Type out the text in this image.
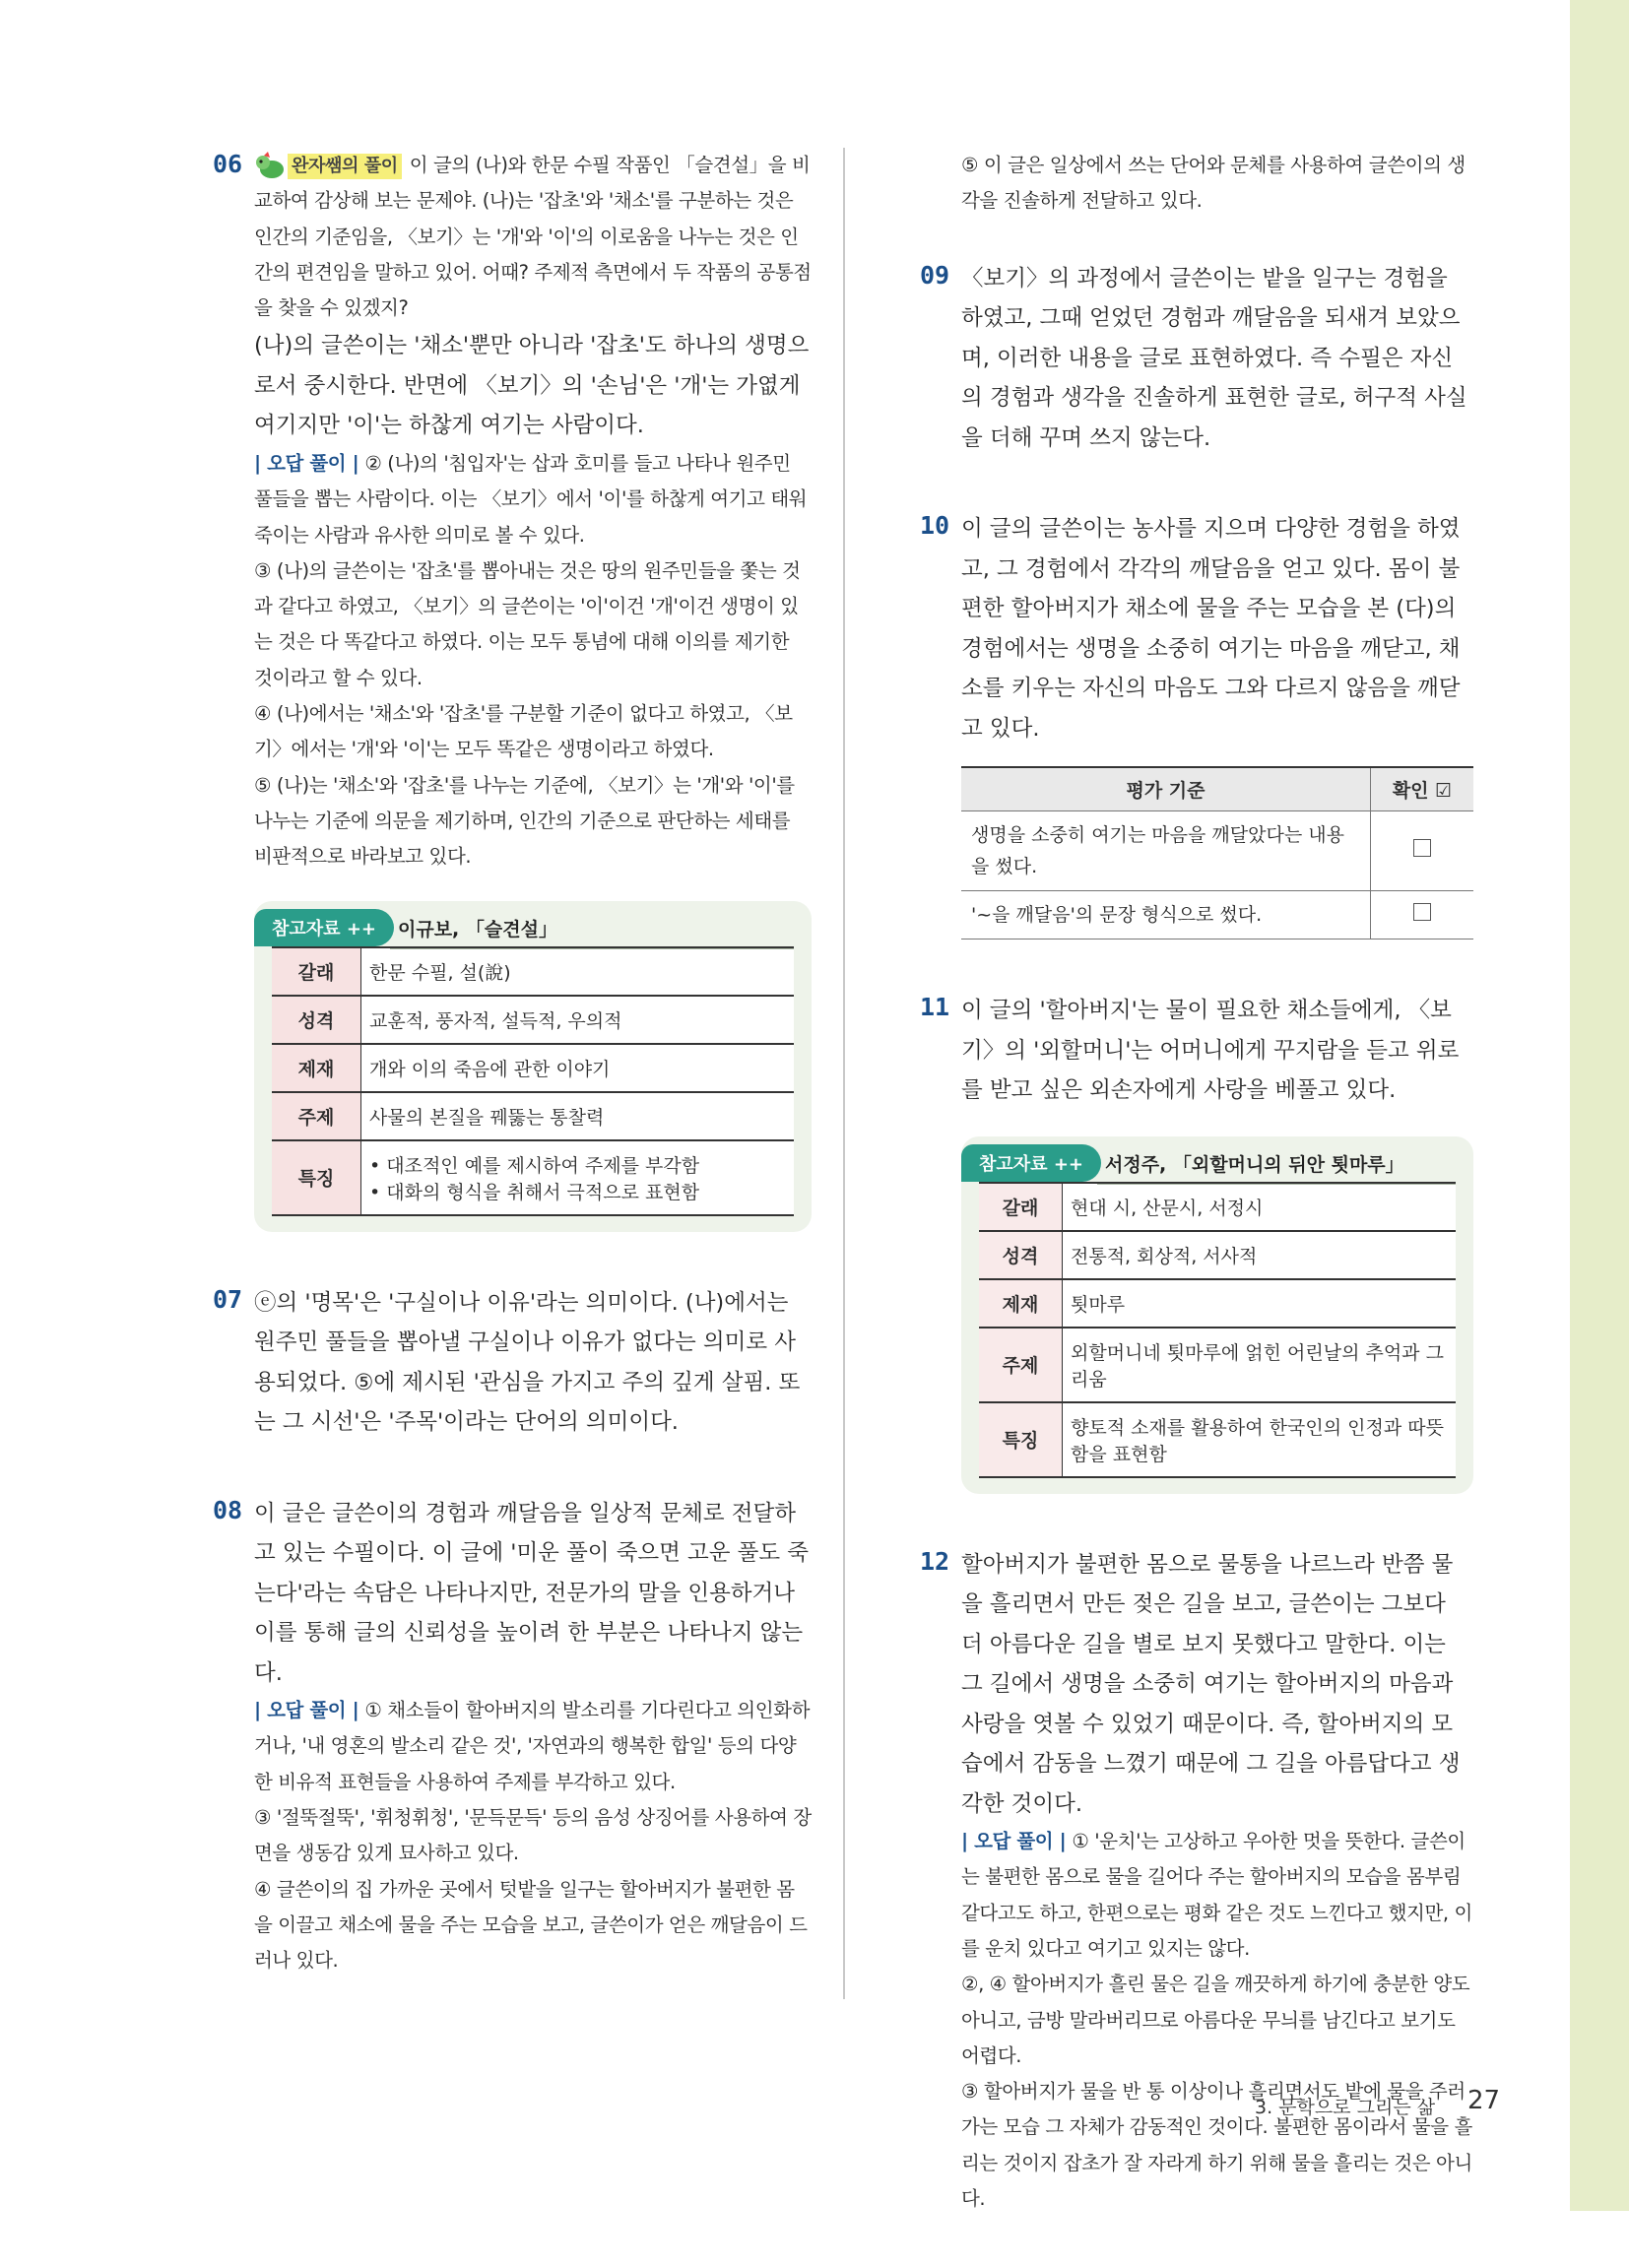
06	완자쌤의 풀이 이 글의 (나)와 한문 수필 작품인 「슬견설」을 비교하여 감상해 보는 문제야. (나)는 '잡초'와 '채소'를 구분하는 것은 인간의 기준임을, 〈보기〉는 '개'와 '이'의 이로움을 나누는 것은 인간의 편견임을 말하고 있어. 어때? 주제적 측면에서 두 작품의 공통점을 찾을 수 있겠지?

(나)의 글쓴이는 '채소'뿐만 아니라 '잡초'도 하나의 생명으로서 중시한다. 반면에 〈보기〉의 '손님'은 '개'는 가엾게 여기지만 '이'는 하찮게 여기는 사람이다.

| 오답 풀이 | ② (나)의 '침입자'는 삽과 호미를 들고 나타나 원주민 풀들을 뽑는 사람이다. 이는 〈보기〉에서 '이'를 하찮게 여기고 태워 죽이는 사람과 유사한 의미로 볼 수 있다.

③ (나)의 글쓴이는 '잡초'를 뽑아내는 것은 땅의 원주민들을 쫓는 것과 같다고 하였고, 〈보기〉의 글쓴이는 '이'이건 '개'이건 생명이 있는 것은 다 똑같다고 하였다. 이는 모두 통념에 대해 이의를 제기한 것이라고 할 수 있다.

④ (나)에서는 '채소'와 '잡초'를 구분할 기준이 없다고 하였고, 〈보기〉에서는 '개'와 '이'는 모두 똑같은 생명이라고 하였다.

⑤ (나)는 '채소'와 '잡초'를 나누는 기준에, 〈보기〉는 '개'와 '이'를 나누는 기준에 의문을 제기하며, 인간의 기준으로 판단하는 세태를 비판적으로 바라보고 있다.

참고자료 ++	이규보, 「슬견설」
갈래	한문 수필, 설(說)
성격	교훈적, 풍자적, 설득적, 우의적
제재	개와 이의 죽음에 관한 이야기
주제	사물의 본질을 꿰뚫는 통찰력
특징	• 대조적인 예를 제시하여 주제를 부각함
• 대화의 형식을 취해서 극적으로 표현함
07 ⓔ의 '명목'은 '구실이나 이유'라는 의미이다. (나)에서는 원주민 풀들을 뽑아낼 구실이나 이유가 없다는 의미로 사용되었다. ⑤에 제시된 '관심을 가지고 주의 깊게 살핌. 또는 그 시선'은 '주목'이라는 단어의 의미이다.

08 이 글은 글쓴이의 경험과 깨달음을 일상적 문체로 전달하고 있는 수필이다. 이 글에 '미운 풀이 죽으면 고운 풀도 죽는다'라는 속담은 나타나지만, 전문가의 말을 인용하거나 이를 통해 글의 신뢰성을 높이려 한 부분은 나타나지 않는다.

| 오답 풀이 | ① 채소들이 할아버지의 발소리를 기다린다고 의인화하거나, '내 영혼의 발소리 같은 것', '자연과의 행복한 합일' 등의 다양한 비유적 표현들을 사용하여 주제를 부각하고 있다.

③ '절뚝절뚝', '휘청휘청', '문득문득' 등의 음성 상징어를 사용하여 장면을 생동감 있게 묘사하고 있다.

④ 글쓴이의 집 가까운 곳에서 텃밭을 일구는 할아버지가 불편한 몸을 이끌고 채소에 물을 주는 모습을 보고, 글쓴이가 얻은 깨달음이 드러나 있다.

⑤ 이 글은 일상에서 쓰는 단어와 문체를 사용하여 글쓴이의 생각을 진솔하게 전달하고 있다.

09 〈보기〉의 과정에서 글쓴이는 밭을 일구는 경험을 하였고, 그때 얻었던 경험과 깨달음을 되새겨 보았으며, 이러한 내용을 글로 표현하였다. 즉 수필은 자신의 경험과 생각을 진솔하게 표현한 글로, 허구적 사실을 더해 꾸며 쓰지 않는다.

10 이 글의 글쓴이는 농사를 지으며 다양한 경험을 하였고, 그 경험에서 각각의 깨달음을 얻고 있다. 몸이 불편한 할아버지가 채소에 물을 주는 모습을 본 (다)의 경험에서는 생명을 소중히 여기는 마음을 깨닫고, 채소를 키우는 자신의 마음도 그와 다르지 않음을 깨닫고 있다.

평가 기준	확인 ☑
생명을 소중히 여기는 마음을 깨달았다는 내용을 썼다.	
'~을 깨달음'의 문장 형식으로 썼다.	
11 이 글의 '할아버지'는 물이 필요한 채소들에게, 〈보기〉의 '외할머니'는 어머니에게 꾸지람을 듣고 위로를 받고 싶은 외손자에게 사랑을 베풀고 있다.

참고자료 ++	서정주, 「외할머니의 뒤안 툇마루」
갈래	현대 시, 산문시, 서정시
성격	전통적, 회상적, 서사적
제재	툇마루
주제	외할머니네 툇마루에 얽힌 어린날의 추억과 그리움
특징	향토적 소재를 활용하여 한국인의 인정과 따뜻함을 표현함
12 할아버지가 불편한 몸으로 물통을 나르느라 반쯤 물을 흘리면서 만든 젖은 길을 보고, 글쓴이는 그보다 더 아름다운 길을 별로 보지 못했다고 말한다. 이는 그 길에서 생명을 소중히 여기는 할아버지의 마음과 사랑을 엿볼 수 있었기 때문이다. 즉, 할아버지의 모습에서 감동을 느꼈기 때문에 그 길을 아름답다고 생각한 것이다.

| 오답 풀이 | ① '운치'는 고상하고 우아한 멋을 뜻한다. 글쓴이는 불편한 몸으로 물을 길어다 주는 할아버지의 모습을 몸부림 같다고도 하고, 한편으로는 평화 같은 것도 느낀다고 했지만, 이를 운치 있다고 여기고 있지는 않다.

②, ④ 할아버지가 흘린 물은 길을 깨끗하게 하기에 충분한 양도 아니고, 금방 말라버리므로 아름다운 무늬를 남긴다고 보기도 어렵다.

③ 할아버지가 물을 반 통 이상이나 흘리면서도 밭에 물을 주러 가는 모습 그 자체가 감동적인 것이다. 불편한 몸이라서 물을 흘리는 것이지 잡초가 잘 자라게 하기 위해 물을 흘리는 것은 아니다.

3. 문학으로 그리는 삶 27
